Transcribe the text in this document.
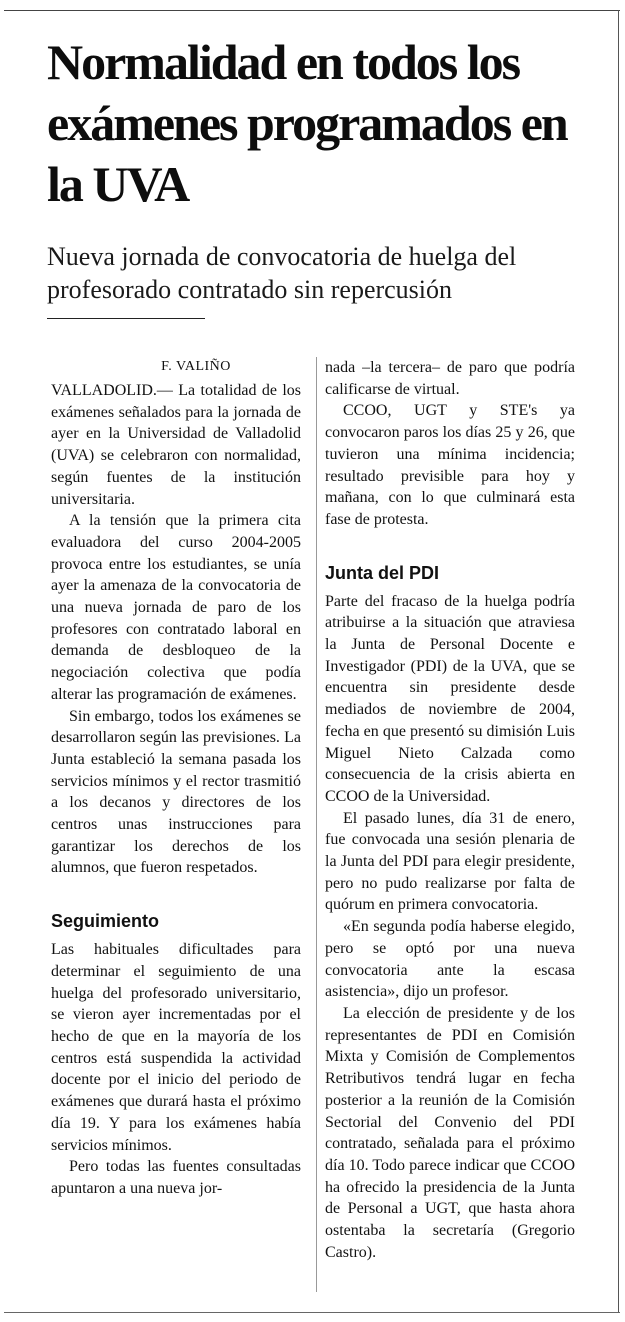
Normalidad en todos los exámenes programados en la UVA
Nueva jornada de convocatoria de huelga del profesorado contratado sin repercusión
F. VALIÑO

VALLADOLID.— La totalidad de los exámenes señalados para la jornada de ayer en la Universidad de Valladolid (UVA) se celebraron con normalidad, según fuentes de la institución universitaria.

A la tensión que la primera cita evaluadora del curso 2004-2005 provoca entre los estudiantes, se unía ayer la amenaza de la convocatoria de una nueva jornada de paro de los profesores con contratado laboral en demanda de desbloqueo de la negociación colectiva que podía alterar las programación de exámenes.

Sin embargo, todos los exámenes se desarrollaron según las previsiones. La Junta estableció la semana pasada los servicios mínimos y el rector trasmitió a los decanos y directores de los centros unas instrucciones para garantizar los derechos de los alumnos, que fueron respetados.

Seguimiento

Las habituales dificultades para determinar el seguimiento de una huelga del profesorado universitario, se vieron ayer incrementadas por el hecho de que en la mayoría de los centros está suspendida la actividad docente por el inicio del periodo de exámenes que durará hasta el próximo día 19. Y para los exámenes había servicios mínimos.

Pero todas las fuentes consultadas apuntaron a una nueva jor-

nada –la tercera– de paro que podría calificarse de virtual.

CCOO, UGT y STE's ya convocaron paros los días 25 y 26, que tuvieron una mínima incidencia; resultado previsible para hoy y mañana, con lo que culminará esta fase de protesta.

Junta del PDI

Parte del fracaso de la huelga podría atribuirse a la situación que atraviesa la Junta de Personal Docente e Investigador (PDI) de la UVA, que se encuentra sin presidente desde mediados de noviembre de 2004, fecha en que presentó su dimisión Luis Miguel Nieto Calzada como consecuencia de la crisis abierta en CCOO de la Universidad.

El pasado lunes, día 31 de enero, fue convocada una sesión plenaria de la Junta del PDI para elegir presidente, pero no pudo realizarse por falta de quórum en primera convocatoria.

«En segunda podía haberse elegido, pero se optó por una nueva convocatoria ante la escasa asistencia», dijo un profesor.

La elección de presidente y de los representantes de PDI en Comisión Mixta y Comisión de Complementos Retributivos tendrá lugar en fecha posterior a la reunión de la Comisión Sectorial del Convenio del PDI contratado, señalada para el próximo día 10. Todo parece indicar que CCOO ha ofrecido la presidencia de la Junta de Personal a UGT, que hasta ahora ostentaba la secretaría (Gregorio Castro).
